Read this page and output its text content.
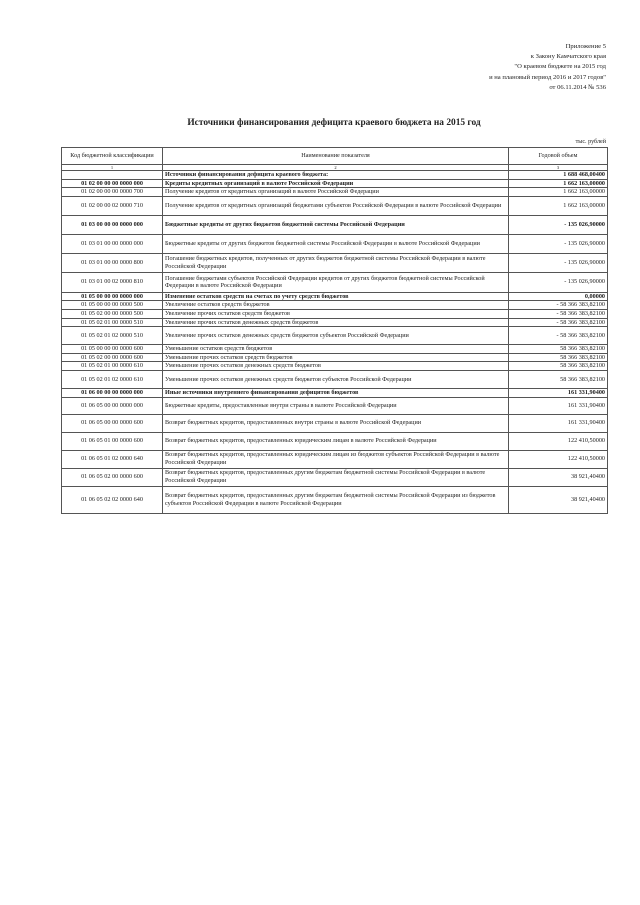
Приложение 5
к Закону Камчатского края
"О краевом бюджете на 2015 год
и на плановый период 2016 и 2017 годов"
от 06.11.2014 № 536
Источники финансирования дефицита краевого бюджета на 2015 год
тыс. рублей
Код бюджетной классификации	Наименование показателя	Годовой объем
1	2	3
	Источники финансирования дефицита краевого бюджета:	1 688 468,00400
01 02 00 00 00 0000 000	Кредиты кредитных организаций в валюте Российской Федерации	1 662 163,00000
01 02 00 00 00 0000 700	Получение кредитов от кредитных организаций в валюте Российской Федерации	1 662 163,00000
01 02 00 00 02 0000 710	Получение кредитов от кредитных организаций бюджетами субъектов Российской Федерации в валюте Российской Федерации	1 662 163,00000
01 03 00 00 00 0000 000	Бюджетные кредиты от других бюджетов бюджетной системы Российской Федерации	- 135 026,90000
01 03 01 00 00 0000 000	Бюджетные кредиты от других бюджетов бюджетной системы Российской Федерации в валюте Российской Федерации	- 135 026,90000
01 03 01 00 00 0000 800	Погашение бюджетных кредитов, полученных от других бюджетов бюджетной системы Российской Федерации в валюте Российской Федерации	- 135 026,90000
01 03 01 00 02 0000 810	Погашение бюджетами субъектов Российской Федерации кредитов от других бюджетов бюджетной системы Российской Федерации в валюте Российской Федерации	- 135 026,90000
01 05 00 00 00 0000 000	Изменение остатков средств на счетах по учету средств бюджетов	0,00000
01 05 00 00 00 0000 500	Увеличение остатков средств бюджетов	- 58 366 383,82100
01 05 02 00 00 0000 500	Увеличение прочих остатков средств бюджетов	- 58 366 383,82100
01 05 02 01 00 0000 510	Увеличение прочих остатков денежных средств бюджетов	- 58 366 383,82100
01 05 02 01 02 0000 510	Увеличение прочих остатков денежных средств бюджетов субъектов Российской Федерации	- 58 366 383,82100
01 05 00 00 00 0000 600	Уменьшение остатков средств бюджетов	58 366 383,82100
01 05 02 00 00 0000 600	Уменьшение прочих остатков средств бюджетов	58 366 383,82100
01 05 02 01 00 0000 610	Уменьшение прочих остатков денежных средств бюджетов	58 366 383,82100
01 05 02 01 02 0000 610	Уменьшение прочих остатков денежных средств бюджетов субъектов Российской Федерации	58 366 383,82100
01 06 00 00 00 0000 000	Иные источники внутреннего финансирования дефицитов бюджетов	161 331,90400
01 06 05 00 00 0000 000	Бюджетные кредиты, предоставленные внутри страны в валюте Российской Федерации	161 331,90400
01 06 05 00 00 0000 600	Возврат бюджетных кредитов, предоставленных внутри страны в валюте Российской Федерации	161 331,90400
01 06 05 01 00 0000 600	Возврат бюджетных кредитов, предоставленных юридическим лицам в валюте Российской Федерации	122 410,50000
01 06 05 01 02 0000 640	Возврат бюджетных кредитов, предоставленных юридическим лицам из бюджетов субъектов Российской Федерации в валюте Российской Федерации	122 410,50000
01 06 05 02 00 0000 600	Возврат бюджетных кредитов, предоставленных другим бюджетам бюджетной системы Российской Федерации в валюте Российской Федерации	38 921,40400
01 06 05 02 02 0000 640	Возврат бюджетных кредитов, предоставленных другим бюджетам бюджетной системы Российской Федерации из бюджетов субъектов Российской Федерации в валюте Российской Федерации	38 921,40400
